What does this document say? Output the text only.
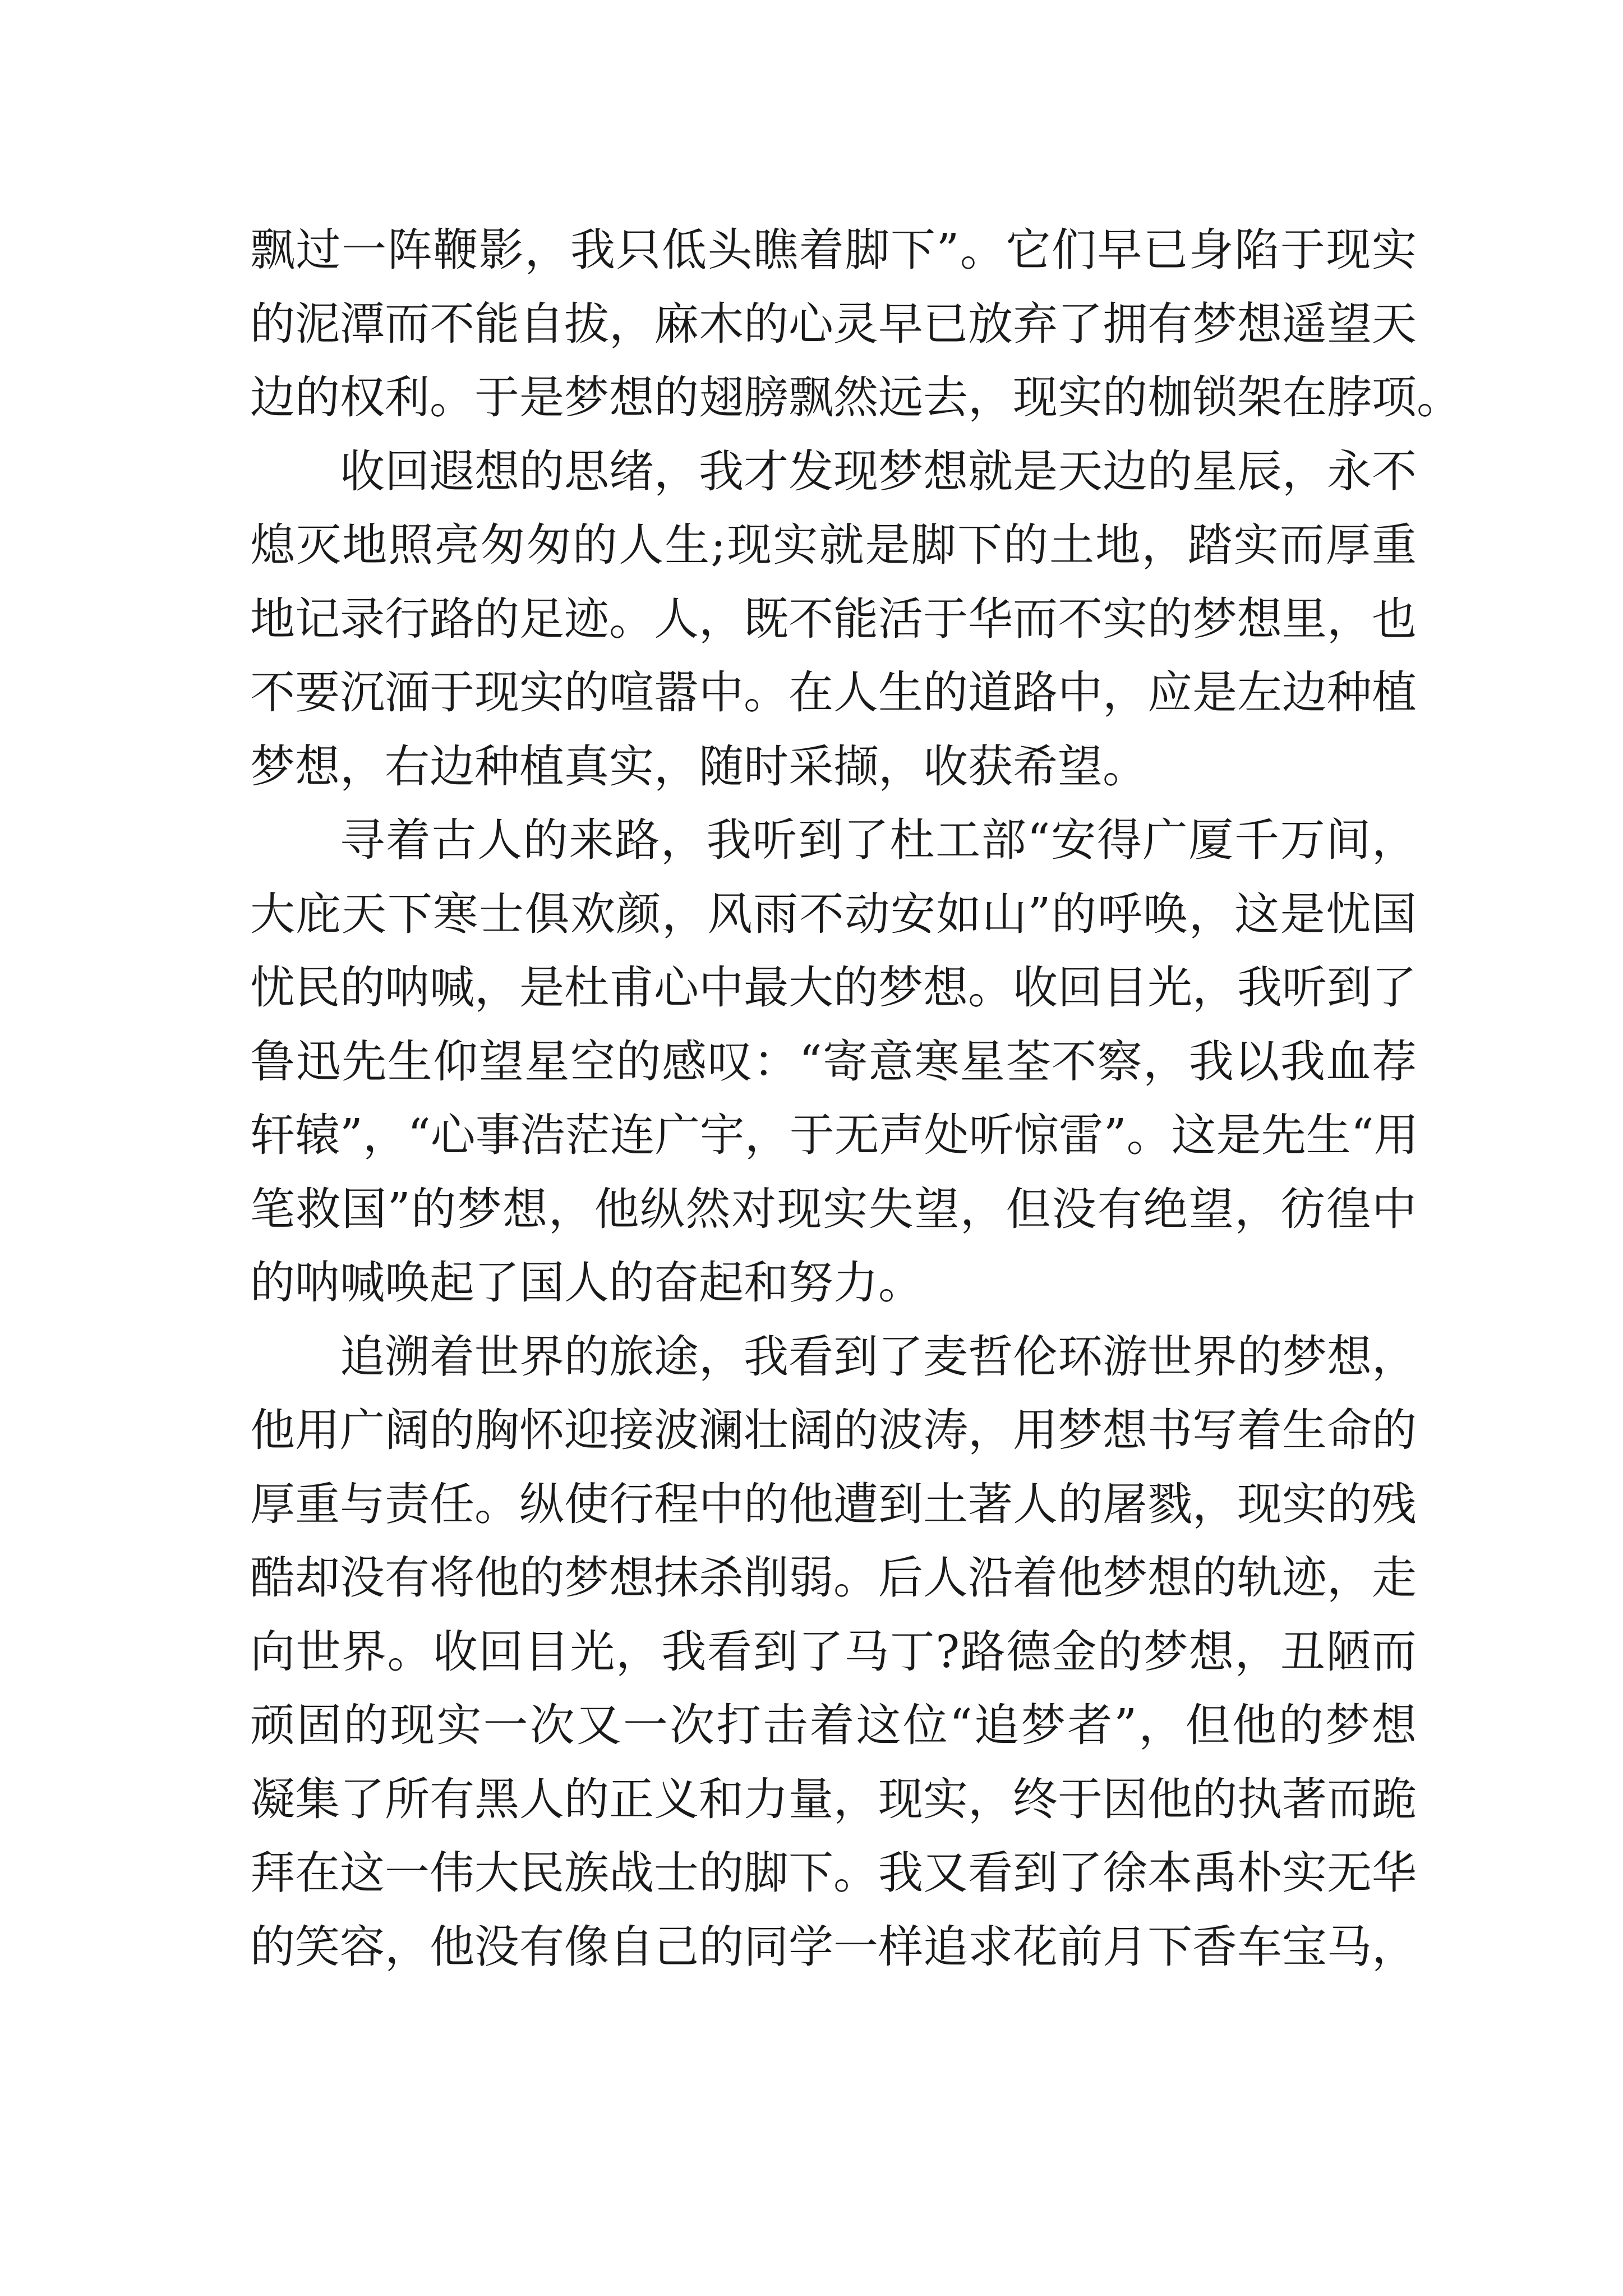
飘过一阵鞭影，我只低头瞧着脚下”。它们早已身陷于现实
的泥潭而不能自拔，麻木的心灵早已放弃了拥有梦想遥望天
边的权利。于是梦想的翅膀飘然远去，现实的枷锁架在脖项。
收回遐想的思绪，我才发现梦想就是天边的星辰，永不
熄灭地照亮匆匆的人生;现实就是脚下的土地，踏实而厚重
地记录行路的足迹。人，既不能活于华而不实的梦想里，也
不要沉湎于现实的喧嚣中。在人生的道路中，应是左边种植
梦想，右边种植真实，随时采撷，收获希望。
寻着古人的来路，我听到了杜工部“安得广厦千万间，
大庇天下寒士俱欢颜，风雨不动安如山”的呼唤，这是忧国
忧民的呐喊，是杜甫心中最大的梦想。收回目光，我听到了
鲁迅先生仰望星空的感叹：“寄意寒星荃不察，我以我血荐
轩辕”，“心事浩茫连广宇，于无声处听惊雷”。这是先生“用
笔救国”的梦想，他纵然对现实失望，但没有绝望，彷徨中
的呐喊唤起了国人的奋起和努力。
追溯着世界的旅途，我看到了麦哲伦环游世界的梦想，
他用广阔的胸怀迎接波澜壮阔的波涛，用梦想书写着生命的
厚重与责任。纵使行程中的他遭到土著人的屠戮，现实的残
酷却没有将他的梦想抹杀削弱。后人沿着他梦想的轨迹，走
向世界。收回目光，我看到了马丁?路德金的梦想，丑陋而
顽固的现实一次又一次打击着这位“追梦者”，但他的梦想
凝集了所有黑人的正义和力量，现实，终于因他的执著而跪
拜在这一伟大民族战士的脚下。我又看到了徐本禹朴实无华
的笑容，他没有像自己的同学一样追求花前月下香车宝马，
